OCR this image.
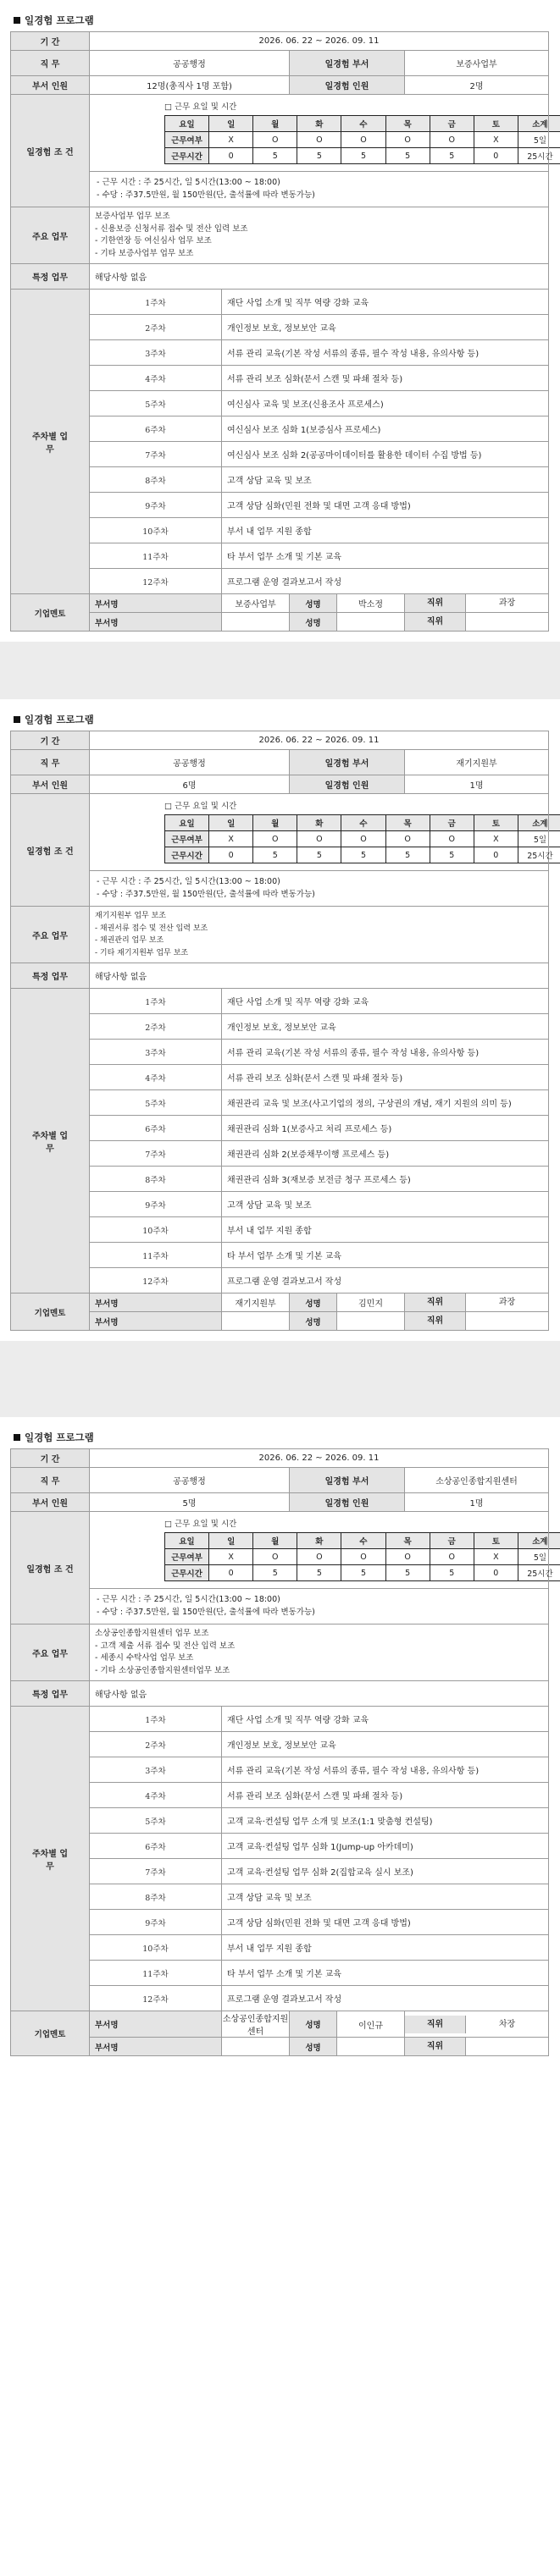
일경험 프로그램
기 간	2026. 06. 22 ~ 2026. 09. 11
직 무	공공행정	일경험 부서	보증사업부
부서 인원	12명(총직사 1명 포함)	일경험 인원	2명
일경험 조 건	
□ 근무 요일 및 시간
요일	일	월	화	수	목	금	토	소계
근무여부	X	O	O	O	O	O	X	5일
근무시간	0	5	5	5	5	5	0	25시간
- 근무 시간 : 주 25시간, 일 5시간(13:00 ~ 18:00)
- 수당 : 주37.5만원, 월 150만원(단, 출석률에 따라 변동가능)

주요 업무	
보증사업부 업무 보조
- 신용보증 신청서류 접수 및 전산 입력 보조
- 기한연장 등 여신심사 업무 보조
- 기타 보증사업부 업무 보조

특정 업무	해당사항 없음
주차별 업무	1주차	재단 사업 소개 및 직무 역량 강화 교육
2주차	개인정보 보호, 정보보안 교육
3주차	서류 관리 교육(기본 작성 서류의 종류, 필수 작성 내용, 유의사항 등)
4주차	서류 관리 보조 심화(문서 스캔 및 파쇄 절차 등)
5주차	여신심사 교육 및 보조(신용조사 프로세스)
6주차	여신심사 보조 심화 1(보증심사 프로세스)
7주차	여신심사 보조 심화 2(공공마이데이터를 활용한 데이터 수집 방법 등)
8주차	고객 상담 교육 및 보조
9주차	고객 상담 심화(민원 전화 및 대면 고객 응대 방법)
10주차	부서 내 업무 지원 종합
11주차	타 부서 업무 소개 및 기본 교육
12주차	프로그램 운영 결과보고서 작성
기업멘토	부서명	보증사업부	성명	박소정	직위	과장

부서명		성명		직위
일경험 프로그램
기 간	2026. 06. 22 ~ 2026. 09. 11
직 무	공공행정	일경험 부서	재기지원부
부서 인원	6명	일경험 인원	1명
일경험 조 건	
□ 근무 요일 및 시간
요일	일	월	화	수	목	금	토	소계
근무여부	X	O	O	O	O	O	X	5일
근무시간	0	5	5	5	5	5	0	25시간
- 근무 시간 : 주 25시간, 일 5시간(13:00 ~ 18:00)
- 수당 : 주37.5만원, 월 150만원(단, 출석률에 따라 변동가능)

주요 업무	
재기지원부 업무 보조
- 채권서류 접수 및 전산 입력 보조
- 채권관리 업무 보조
- 기타 재기지원부 업무 보조

특정 업무	해당사항 없음
주차별 업무	1주차	재단 사업 소개 및 직무 역량 강화 교육
2주차	개인정보 보호, 정보보안 교육
3주차	서류 관리 교육(기본 작성 서류의 종류, 필수 작성 내용, 유의사항 등)
4주차	서류 관리 보조 심화(문서 스캔 및 파쇄 절차 등)
5주차	채권관리 교육 및 보조(사고기업의 정의, 구상권의 개념, 재기 지원의 의미 등)
6주차	채권관리 심화 1(보증사고 처리 프로세스 등)
7주차	채권관리 심화 2(보증채무이행 프로세스 등)
8주차	채권관리 심화 3(재보증 보전금 청구 프로세스 등)
9주차	고객 상담 교육 및 보조
10주차	부서 내 업무 지원 종합
11주차	타 부서 업무 소개 및 기본 교육
12주차	프로그램 운영 결과보고서 작성
기업멘토	부서명	재기지원부	성명	김민지	직위	과장

부서명		성명		직위
일경험 프로그램
기 간	2026. 06. 22 ~ 2026. 09. 11
직 무	공공행정	일경험 부서	소상공인종합지원센터
부서 인원	5명	일경험 인원	1명
일경험 조 건	
□ 근무 요일 및 시간
요일	일	월	화	수	목	금	토	소계
근무여부	X	O	O	O	O	O	X	5일
근무시간	0	5	5	5	5	5	0	25시간
- 근무 시간 : 주 25시간, 일 5시간(13:00 ~ 18:00)
- 수당 : 주37.5만원, 월 150만원(단, 출석률에 따라 변동가능)

주요 업무	
소상공인종합지원센터 업무 보조
- 고객 제출 서류 접수 및 전산 입력 보조
- 세종시 수탁사업 업무 보조
- 기타 소상공인종합지원센터업무 보조

특정 업무	해당사항 없음
주차별 업무	1주차	재단 사업 소개 및 직무 역량 강화 교육
2주차	개인정보 보호, 정보보안 교육
3주차	서류 관리 교육(기본 작성 서류의 종류, 필수 작성 내용, 유의사항 등)
4주차	서류 관리 보조 심화(문서 스캔 및 파쇄 절차 등)
5주차	고객 교육·컨설팅 업무 소개 및 보조(1:1 맞춤형 컨설팅)
6주차	고객 교육·컨설팅 업무 심화 1(Jump-up 아카데미)
7주차	고객 교육·컨설팅 업무 심화 2(집합교육 실시 보조)
8주차	고객 상담 교육 및 보조
9주차	고객 상담 심화(민원 전화 및 대면 고객 응대 방법)
10주차	부서 내 업무 지원 종합
11주차	타 부서 업무 소개 및 기본 교육
12주차	프로그램 운영 결과보고서 작성
기업멘토	부서명	소상공인종합지원센터	성명	이인규	직위	차장

부서명		성명		직위
